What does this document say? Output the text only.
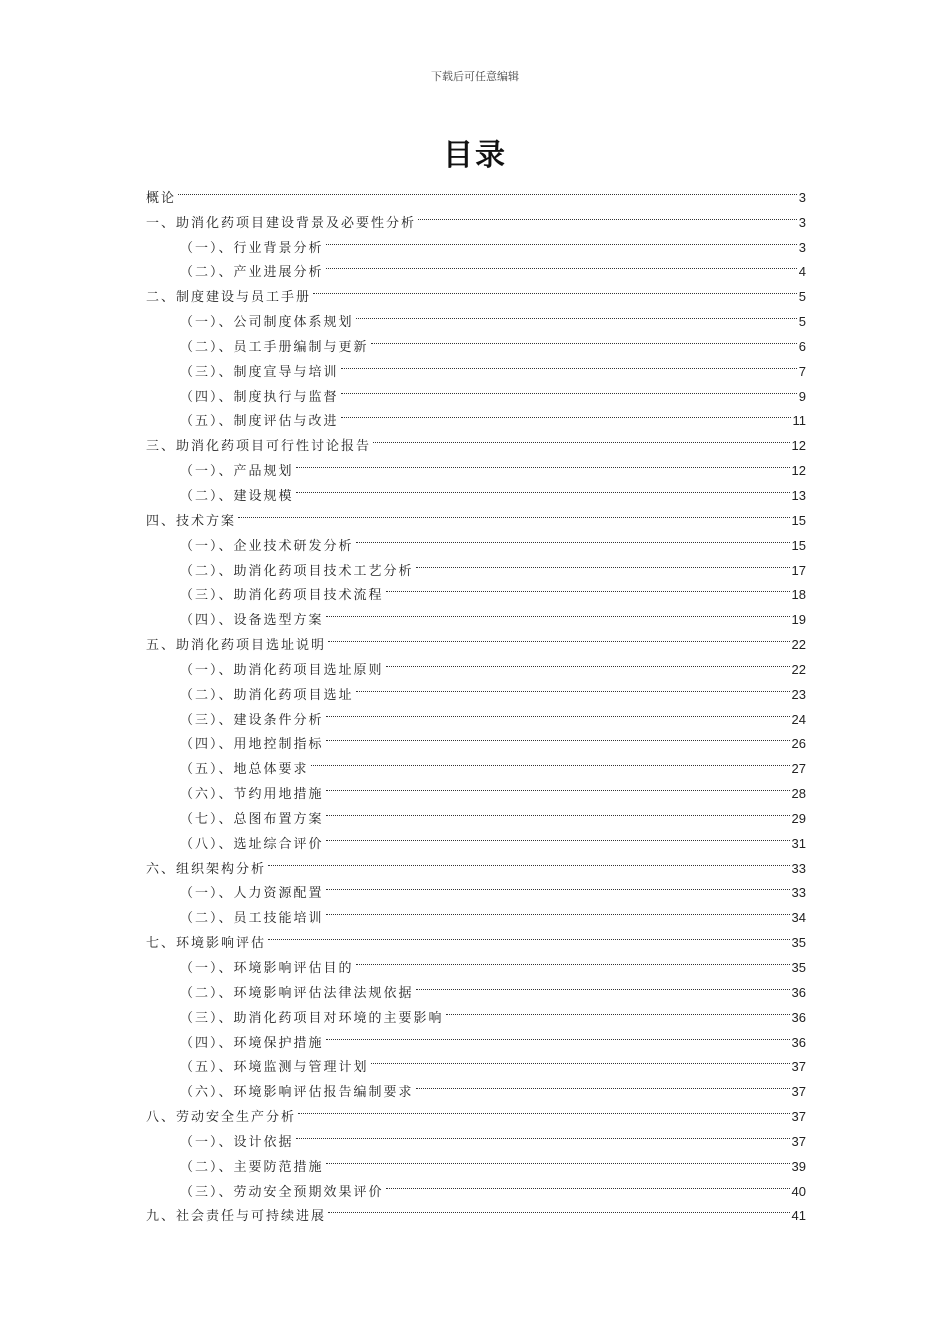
下载后可任意编辑
目录
概论	3
一、助消化药项目建设背景及必要性分析	3
（一）、行业背景分析	3
（二）、产业进展分析	4
二、制度建设与员工手册	5
（一）、公司制度体系规划	5
（二）、员工手册编制与更新	6
（三）、制度宣导与培训	7
（四）、制度执行与监督	9
（五）、制度评估与改进	11
三、助消化药项目可行性讨论报告	12
（一）、产品规划	12
（二）、建设规模	13
四、技术方案	15
（一）、企业技术研发分析	15
（二）、助消化药项目技术工艺分析	17
（三）、助消化药项目技术流程	18
（四）、设备选型方案	19
五、助消化药项目选址说明	22
（一）、助消化药项目选址原则	22
（二）、助消化药项目选址	23
（三）、建设条件分析	24
（四）、用地控制指标	26
（五）、地总体要求	27
（六）、节约用地措施	28
（七）、总图布置方案	29
（八）、选址综合评价	31
六、组织架构分析	33
（一）、人力资源配置	33
（二）、员工技能培训	34
七、环境影响评估	35
（一）、环境影响评估目的	35
（二）、环境影响评估法律法规依据	36
（三）、助消化药项目对环境的主要影响	36
（四）、环境保护措施	36
（五）、环境监测与管理计划	37
（六）、环境影响评估报告编制要求	37
八、劳动安全生产分析	37
（一）、设计依据	37
（二）、主要防范措施	39
（三）、劳动安全预期效果评价	40
九、社会责任与可持续进展	41
